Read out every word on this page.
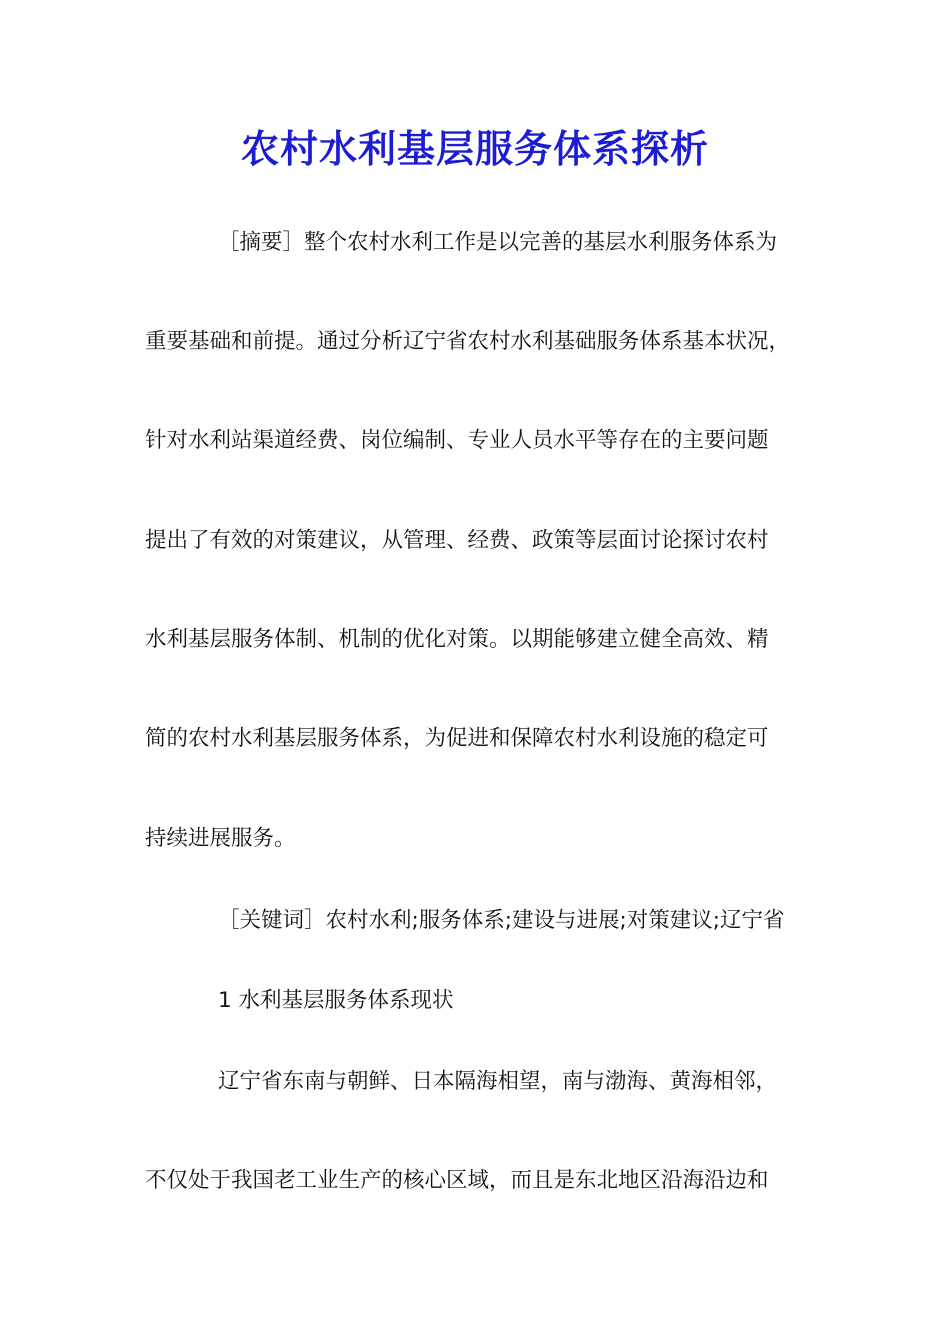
农村水利基层服务体系探析
［摘要］整个农村水利工作是以完善的基层水利服务体系为
重要基础和前提。通过分析辽宁省农村水利基础服务体系基本状况，
针对水利站渠道经费、岗位编制、专业人员水平等存在的主要问题
提出了有效的对策建议，从管理、经费、政策等层面讨论探讨农村
水利基层服务体制、机制的优化对策。以期能够建立健全高效、精
简的农村水利基层服务体系，为促进和保障农村水利设施的稳定可
持续进展服务。
［关键词］农村水利;服务体系;建设与进展;对策建议;辽宁省
1 水利基层服务体系现状
辽宁省东南与朝鲜、日本隔海相望，南与渤海、黄海相邻，
不仅处于我国老工业生产的核心区域，而且是东北地区沿海沿边和
